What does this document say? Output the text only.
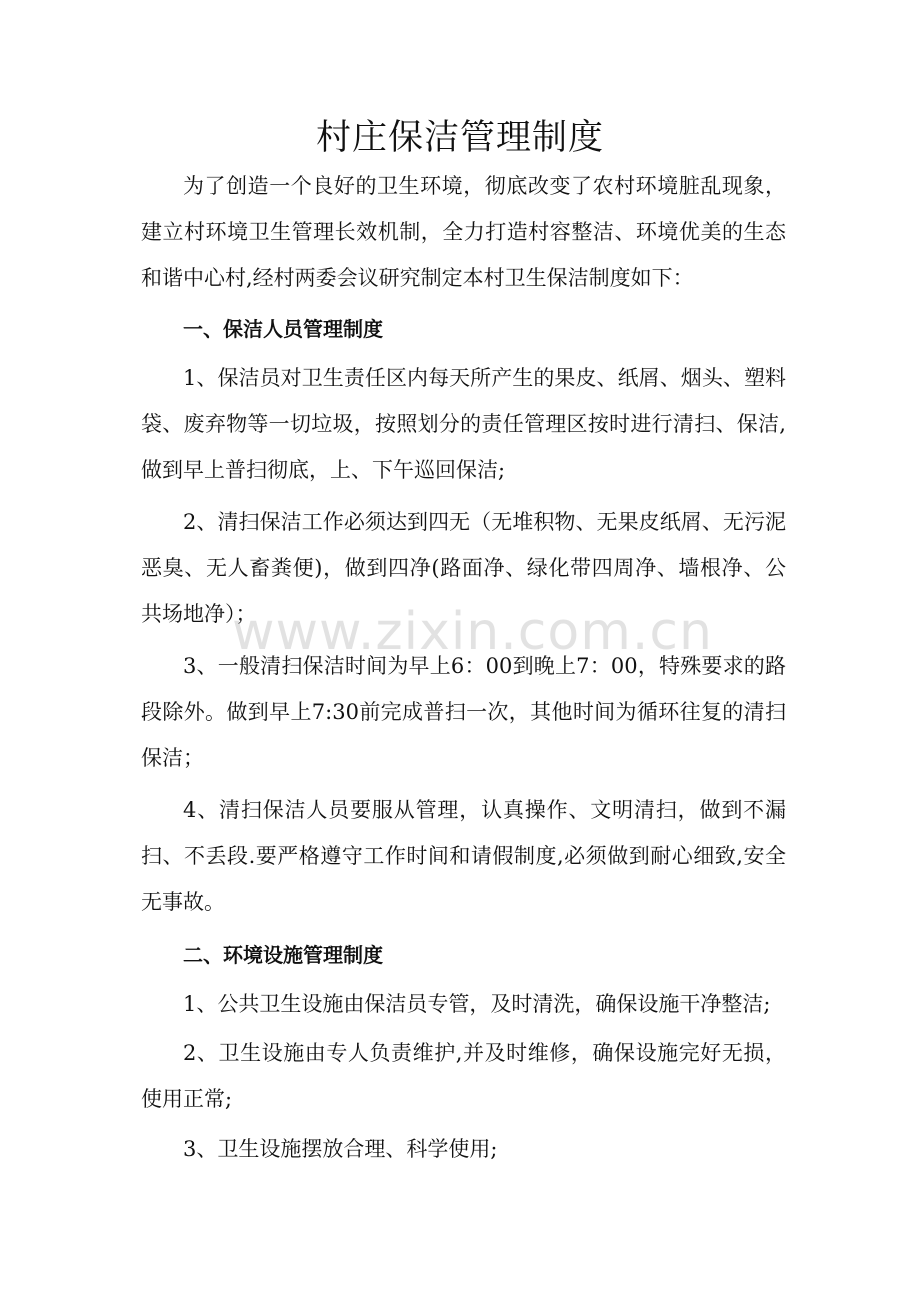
村庄保洁管理制度

为了创造一个良好的卫生环境，彻底改变了农村环境脏乱现象，建立村环境卫生管理长效机制，全力打造村容整洁、环境优美的生态和谐中心村,经村两委会议研究制定本村卫生保洁制度如下：

一、保洁人员管理制度

1、保洁员对卫生责任区内每天所产生的果皮、纸屑、烟头、塑料袋、废弃物等一切垃圾，按照划分的责任管理区按时进行清扫、保洁,做到早上普扫彻底，上、下午巡回保洁;

2、清扫保洁工作必须达到四无（无堆积物、无果皮纸屑、无污泥恶臭、无人畜粪便)，做到四净(路面净、绿化带四周净、墙根净、公共场地净）；

3、一般清扫保洁时间为早上6：00到晚上7：00，特殊要求的路段除外。做到早上7:30前完成普扫一次，其他时间为循环往复的清扫保洁；

4、清扫保洁人员要服从管理，认真操作、文明清扫，做到不漏扫、不丢段.要严格遵守工作时间和请假制度,必须做到耐心细致,安全无事故。

二、环境设施管理制度

1、公共卫生设施由保洁员专管，及时清洗，确保设施干净整洁;

2、卫生设施由专人负责维护,并及时维修，确保设施完好无损，使用正常;

3、卫生设施摆放合理、科学使用;

www.zixin.com.cn
